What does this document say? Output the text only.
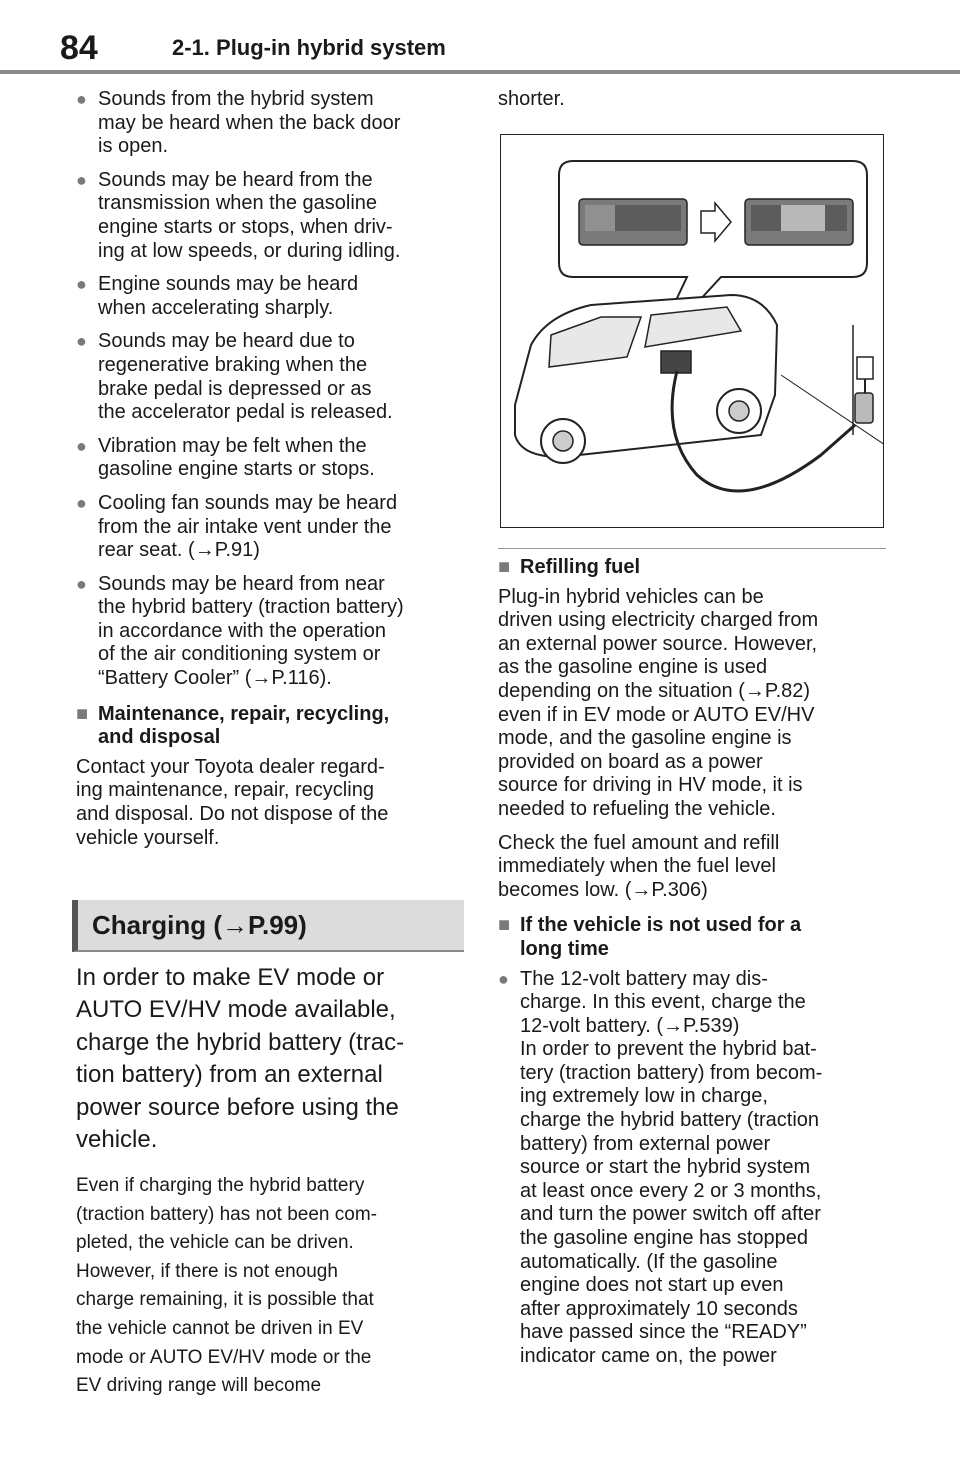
84	2-1. Plug-in hybrid system
● Sounds from the hybrid system
may be heard when the back door
is open.
● Sounds may be heard from the
transmission when the gasoline
engine starts or stops, when driv-
ing at low speeds, or during idling.
● Engine sounds may be heard
when accelerating sharply.
● Sounds may be heard due to
regenerative braking when the
brake pedal is depressed or as
the accelerator pedal is released.
● Vibration may be felt when the
gasoline engine starts or stops.
● Cooling fan sounds may be heard
from the air intake vent under the
rear seat. (→P.91)
● Sounds may be heard from near
the hybrid battery (traction battery)
in accordance with the operation
of the air conditioning system or
“Battery Cooler” (→P.116).
■ Maintenance, repair, recycling,
and disposal
Contact your Toyota dealer regard-
ing maintenance, repair, recycling
and disposal. Do not dispose of the
vehicle yourself.
Charging (→P.99)
In order to make EV mode or
AUTO EV/HV mode available,
charge the hybrid battery (trac-
tion battery) from an external
power source before using the
vehicle.
Even if charging the hybrid battery
(traction battery) has not been com-
pleted, the vehicle can be driven.
However, if there is not enough
charge remaining, it is possible that
the vehicle cannot be driven in EV
mode or AUTO EV/HV mode or the
EV driving range will become
shorter.
■ Refilling fuel
Plug-in hybrid vehicles can be
driven using electricity charged from
an external power source. However,
as the gasoline engine is used
depending on the situation (→P.82)
even if in EV mode or AUTO EV/HV
mode, and the gasoline engine is
provided on board as a power
source for driving in HV mode, it is
needed to refueling the vehicle.
Check the fuel amount and refill
immediately when the fuel level
becomes low. (→P.306)
■ If the vehicle is not used for a
long time
● The 12-volt battery may dis-
charge. In this event, charge the
12-volt battery. (→P.539)
In order to prevent the hybrid bat-
tery (traction battery) from becom-
ing extremely low in charge,
charge the hybrid battery (traction
battery) from external power
source or start the hybrid system
at least once every 2 or 3 months,
and turn the power switch off after
the gasoline engine has stopped
automatically. (If the gasoline
engine does not start up even
after approximately 10 seconds
have passed since the “READY”
indicator came on, the power
